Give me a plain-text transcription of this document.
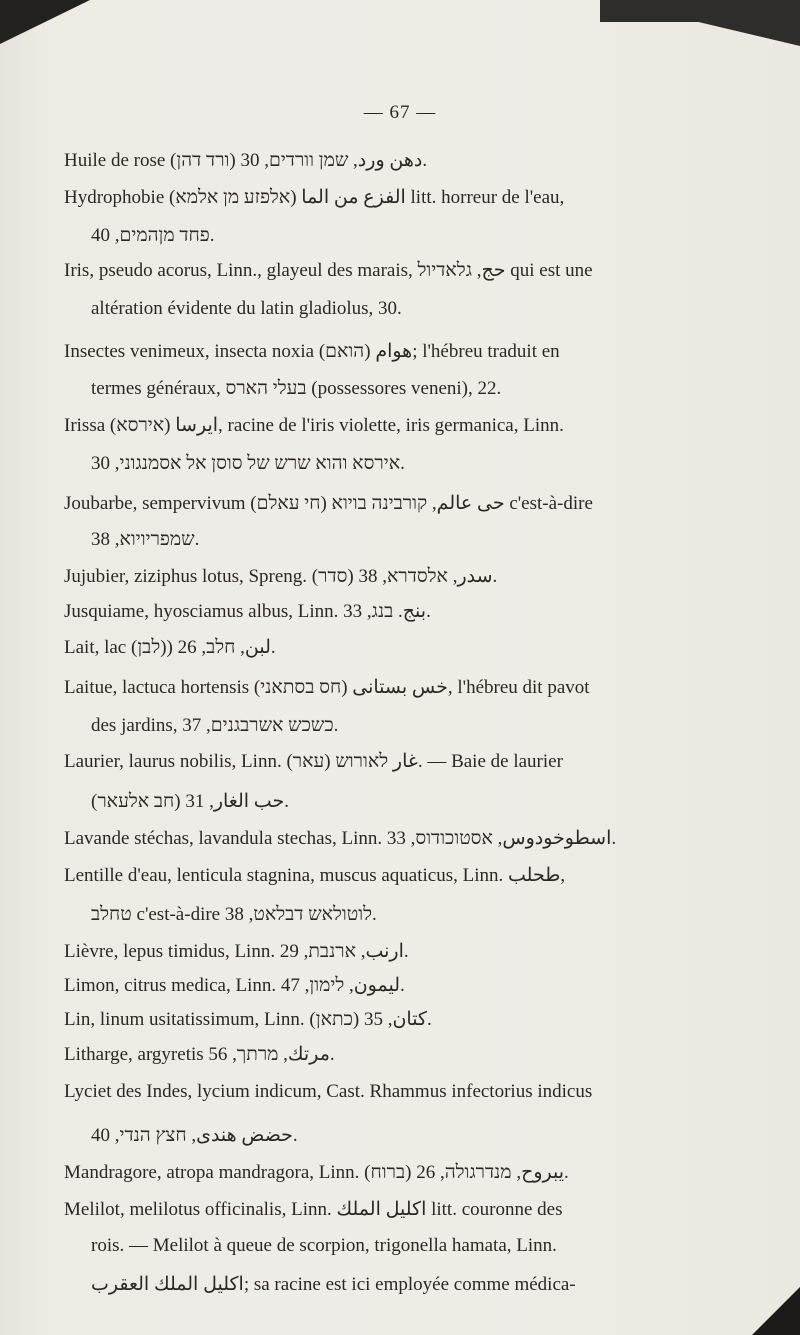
— 67 —
Huile de rose (ורד דהן) دهن ورد, שמן וורדים, 30.
Hydrophobie (אלפזע מן אלמא) الفزع من الما litt. horreur de l'eau,
פחד מןהמים, 40.
Iris, pseudo acorus, Linn., glayeul des marais, حج, גלאדיול qui est une
altération évidente du latin gladiolus, 30.
Insectes venimeux, insecta noxia (הואם) هوام; l'hébreu traduit en
termes généraux, בעלי הארס (possessores veneni), 22.
Irissa (אירסא) ايرسا, racine de l'iris violette, iris germanica, Linn.
אירסא והוא שרש של סוסן אל אסמנגוני, 30.
Joubarbe, sempervivum (חי עאלם) حى عالم, קורבינה בויוא c'est-à-dire
שמפריויוא, 38.
Jujubier, ziziphus lotus, Spreng. (סדר) سدر, אלסדרא, 38.
Jusquiame, hyosciamus albus, Linn. بنج. בנג, 33.
Lait, lac (לבן)) لبن, חלב, 26.
Laitue, lactuca hortensis (חס בסתאני) خس بستانى, l'hébreu dit pavot
des jardins, כשכש אשרבגנים, 37.
Laurier, laurus nobilis, Linn. (עאר) غار לאורוש. — Baie de laurier
(חב אלעאר) حب الغار, 31.
Lavande stéchas, lavandula stechas, Linn. اسطوخودوس, אסטוכודוס, 33.
Lentille d'eau, lenticula stagnina, muscus aquaticus, Linn. طحلب,
טחלב c'est-à-dire לוטולאש דבלאט, 38.
Lièvre, lepus timidus, Linn. ارنب, ארנבת, 29.
Limon, citrus medica, Linn. ليمون, לימון, 47.
Lin, linum usitatissimum, Linn. (כתאן) كتان, 35.
Litharge, argyretis مرتك, מרתך, 56.
Lyciet des Indes, lycium indicum, Cast. Rhammus infectorius indicus
حضض هندى, חצץ הנדי, 40.
Mandragore, atropa mandragora, Linn. (ברוח) يبروح, מנדרגולה, 26.
Melilot, melilotus officinalis, Linn. اكليل الملك litt. couronne des
rois. — Melilot à queue de scorpion, trigonella hamata, Linn.
اكليل الملك العقرب; sa racine est ici employée comme médica-
